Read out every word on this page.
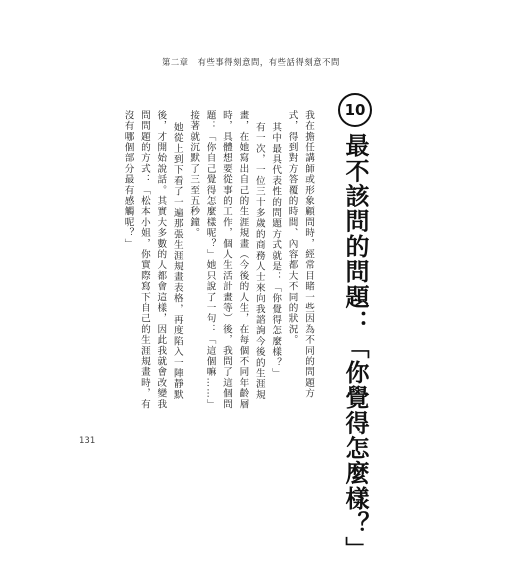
第二章　有些事得刻意問，有些話得刻意不問
10
最不該問的問題：「你覺得怎麼樣？」

我在擔任講師或形象顧問時，經常目睹一些因為不同的問題方式，得到對方答覆的時間、內容都大不同的狀況。

其中最具代表性的問題方式就是：「你覺得怎麼樣？」

有一次，一位三十多歲的商務人士來向我諮詢今後的生涯規畫，在她寫出自己的生涯規畫（今後的人生，在每個不同年齡層時，具體想要從事的工作，個人生活計畫等）後，我問了這個問題：「你自己覺得怎麼樣呢？」她只說了一句：「這個嘛……」接著就沉默了三至五秒鐘。

她從上到下看了一遍那張生涯規畫表格，再度陷入一陣靜默後，才開始說話。其實大多數的人都會這樣，因此我就會改變我問問題的方式：「松本小姐，你實際寫下自己的生涯規畫時，有沒有哪個部分最有感觸呢？」

131
